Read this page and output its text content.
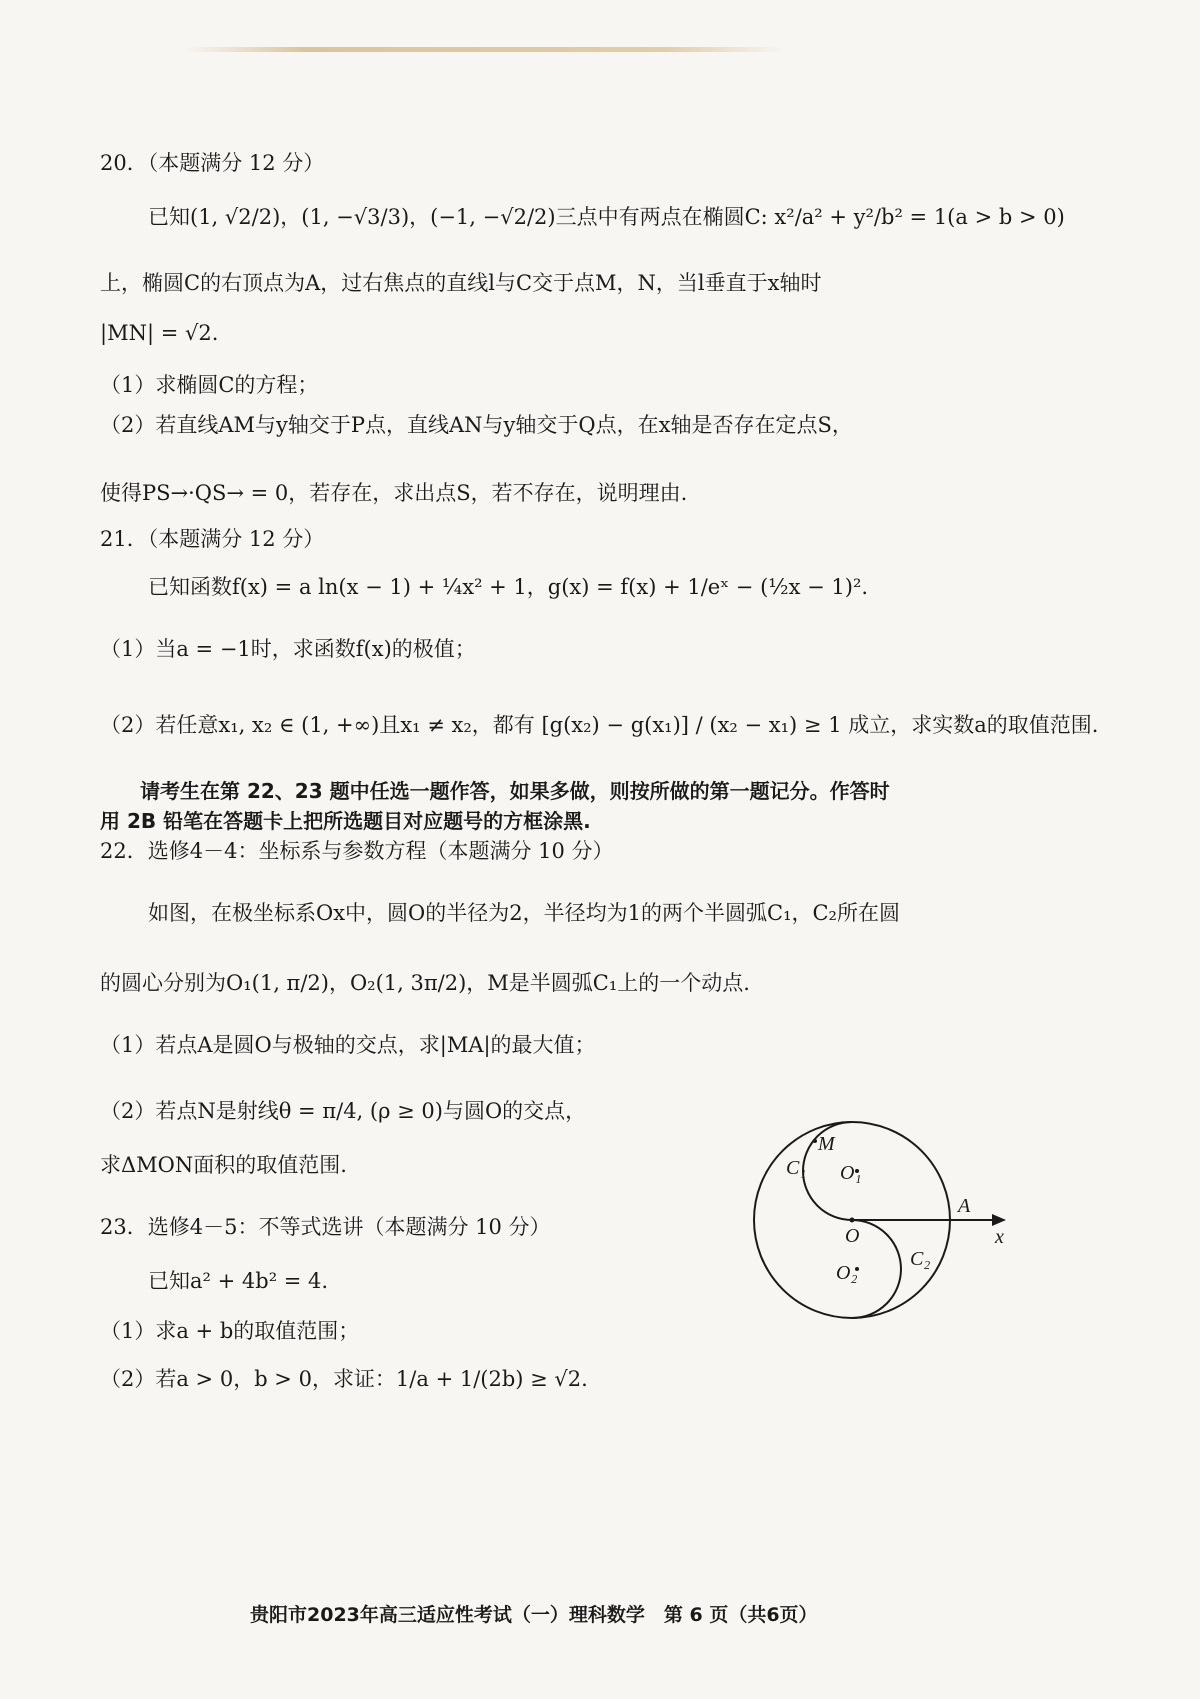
20．（本题满分 12 分）
已知(1, √2/2)，(1, −√3/3)，(−1, −√2/2)三点中有两点在椭圆C: x²/a² + y²/b² = 1(a > b > 0)
上，椭圆C的右顶点为A，过右焦点的直线l与C交于点M，N，当l垂直于x轴时
|MN| = √2.
（1）求椭圆C的方程；
（2）若直线AM与y轴交于P点，直线AN与y轴交于Q点，在x轴是否存在定点S，
使得PS→·QS→ = 0，若存在，求出点S，若不存在，说明理由.
21．（本题满分 12 分）
已知函数f(x) = a ln(x − 1) + ¼x² + 1，g(x) = f(x) + 1/eˣ − (½x − 1)².
（1）当a = −1时，求函数f(x)的极值；
（2）若任意x₁, x₂ ∈ (1, +∞)且x₁ ≠ x₂，都有 [g(x₂) − g(x₁)] / (x₂ − x₁) ≥ 1 成立，求实数a的取值范围.
请考生在第 22、23 题中任选一题作答，如果多做，则按所做的第一题记分。作答时
用 2B 铅笔在答题卡上把所选题目对应题号的方框涂黑.
22．选修4－4：坐标系与参数方程（本题满分 10 分）
如图，在极坐标系Ox中，圆O的半径为2，半径均为1的两个半圆弧C₁，C₂所在圆
的圆心分别为O₁(1, π/2)，O₂(1, 3π/2)，M是半圆弧C₁上的一个动点.
（1）若点A是圆O与极轴的交点，求|MA|的最大值；
（2）若点N是射线θ = π/4, (ρ ≥ 0)与圆O的交点，
求ΔMON面积的取值范围.
M
C₁ O₁
A
O	x
O₂
C₂
23．选修4－5：不等式选讲（本题满分 10 分）
已知a² + 4b² = 4.
（1）求a + b的取值范围；
（2）若a > 0，b > 0，求证：1/a + 1/(2b) ≥ √2.
贵阳市2023年高三适应性考试（一）理科数学　第 6 页（共6页）
